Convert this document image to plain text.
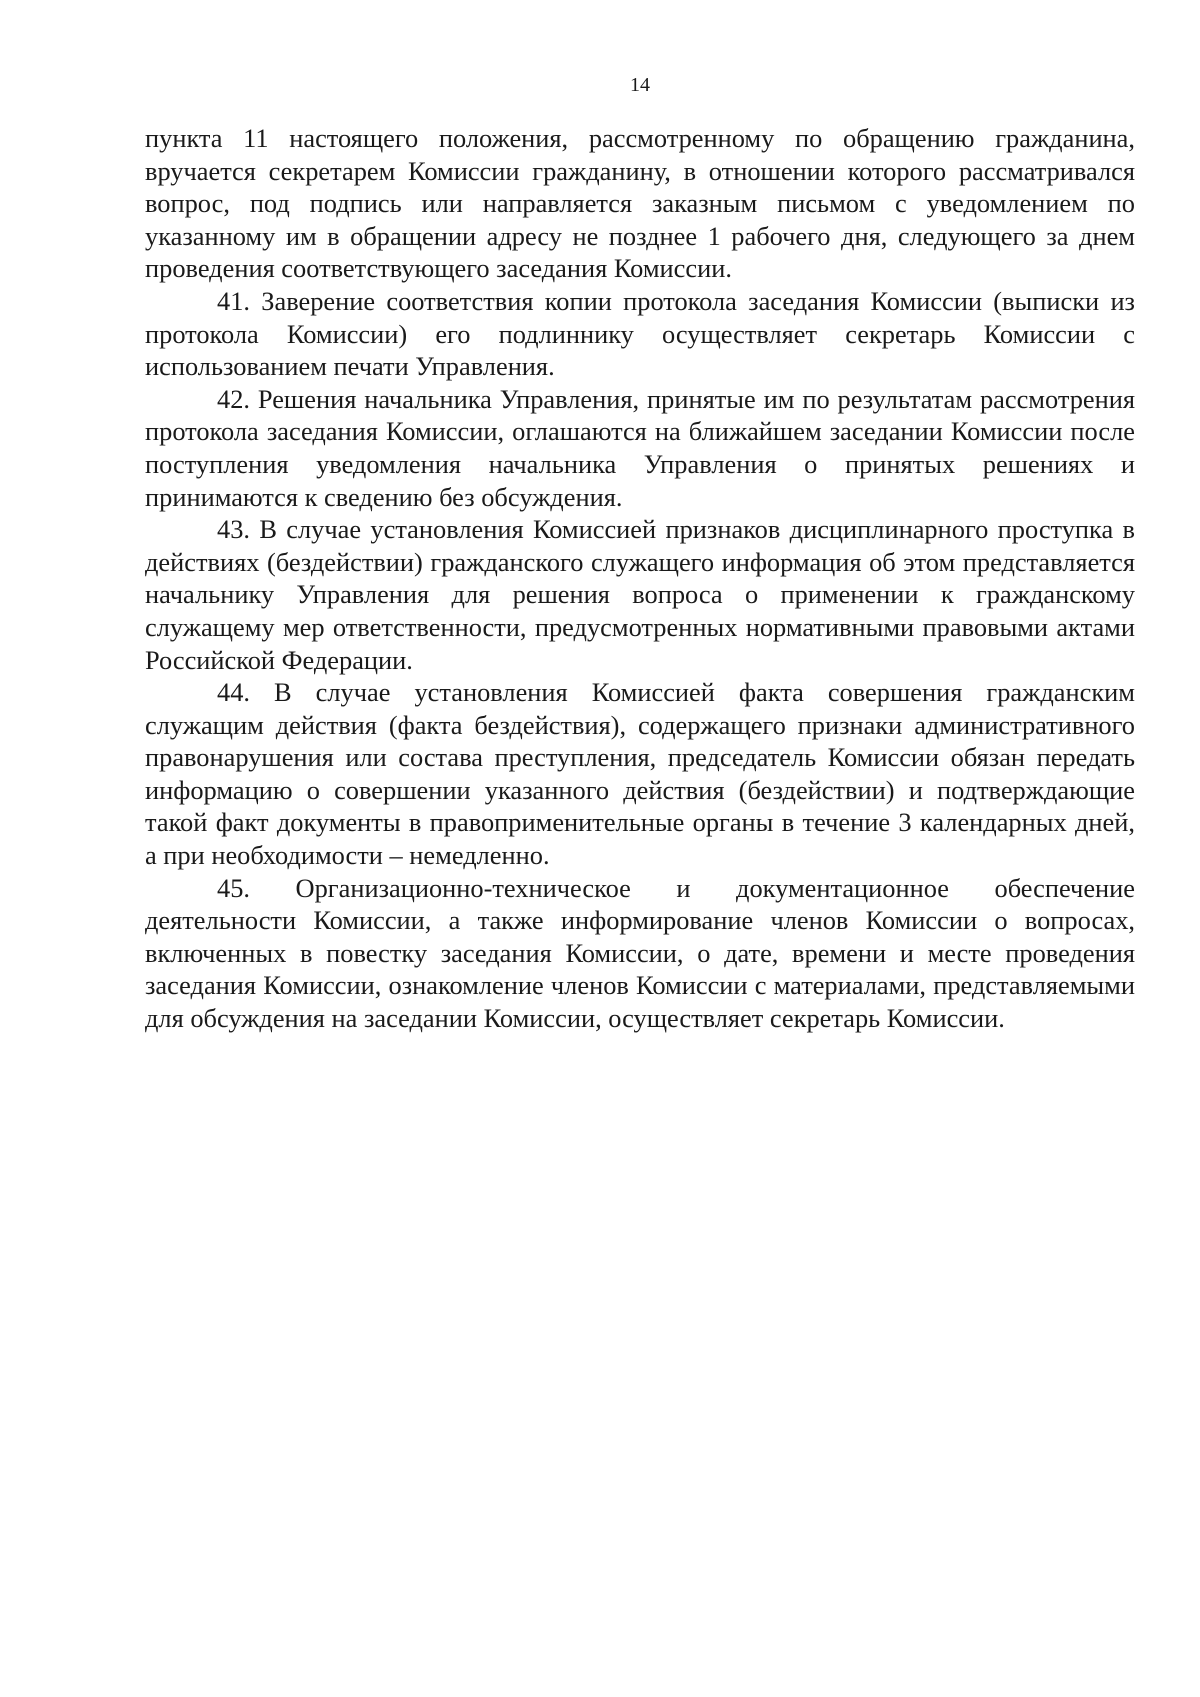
14

пункта 11 настоящего положения, рассмотренному по обращению гражданина, вручается секретарем Комиссии гражданину, в отношении которого рассматривался вопрос, под подпись или направляется заказным письмом с уведомлением по указанному им в обращении адресу не позднее 1 рабочего дня, следующего за днем проведения соответствующего заседания Комиссии.

41. Заверение соответствия копии протокола заседания Комиссии (выписки из протокола Комиссии) его подлиннику осуществляет секретарь Комиссии с использованием печати Управления.

42. Решения начальника Управления, принятые им по результатам рассмотрения протокола заседания Комиссии, оглашаются на ближайшем заседании Комиссии после поступления уведомления начальника Управления о принятых решениях и принимаются к сведению без обсуждения.

43. В случае установления Комиссией признаков дисциплинарного проступка в действиях (бездействии) гражданского служащего информация об этом представляется начальнику Управления для решения вопроса о применении к гражданскому служащему мер ответственности, предусмотренных нормативными правовыми актами Российской Федерации.

44. В случае установления Комиссией факта совершения гражданским служащим действия (факта бездействия), содержащего признаки административного правонарушения или состава преступления, председатель Комиссии обязан передать информацию о совершении указанного действия (бездействии) и подтверждающие такой факт документы в правоприменительные органы в течение 3 календарных дней, а при необходимости – немедленно.

45. Организационно-техническое и документационное обеспечение деятельности Комиссии, а также информирование членов Комиссии о вопросах, включенных в повестку заседания Комиссии, о дате, времени и месте проведения заседания Комиссии, ознакомление членов Комиссии с материалами, представляемыми для обсуждения на заседании Комиссии, осуществляет секретарь Комиссии.
